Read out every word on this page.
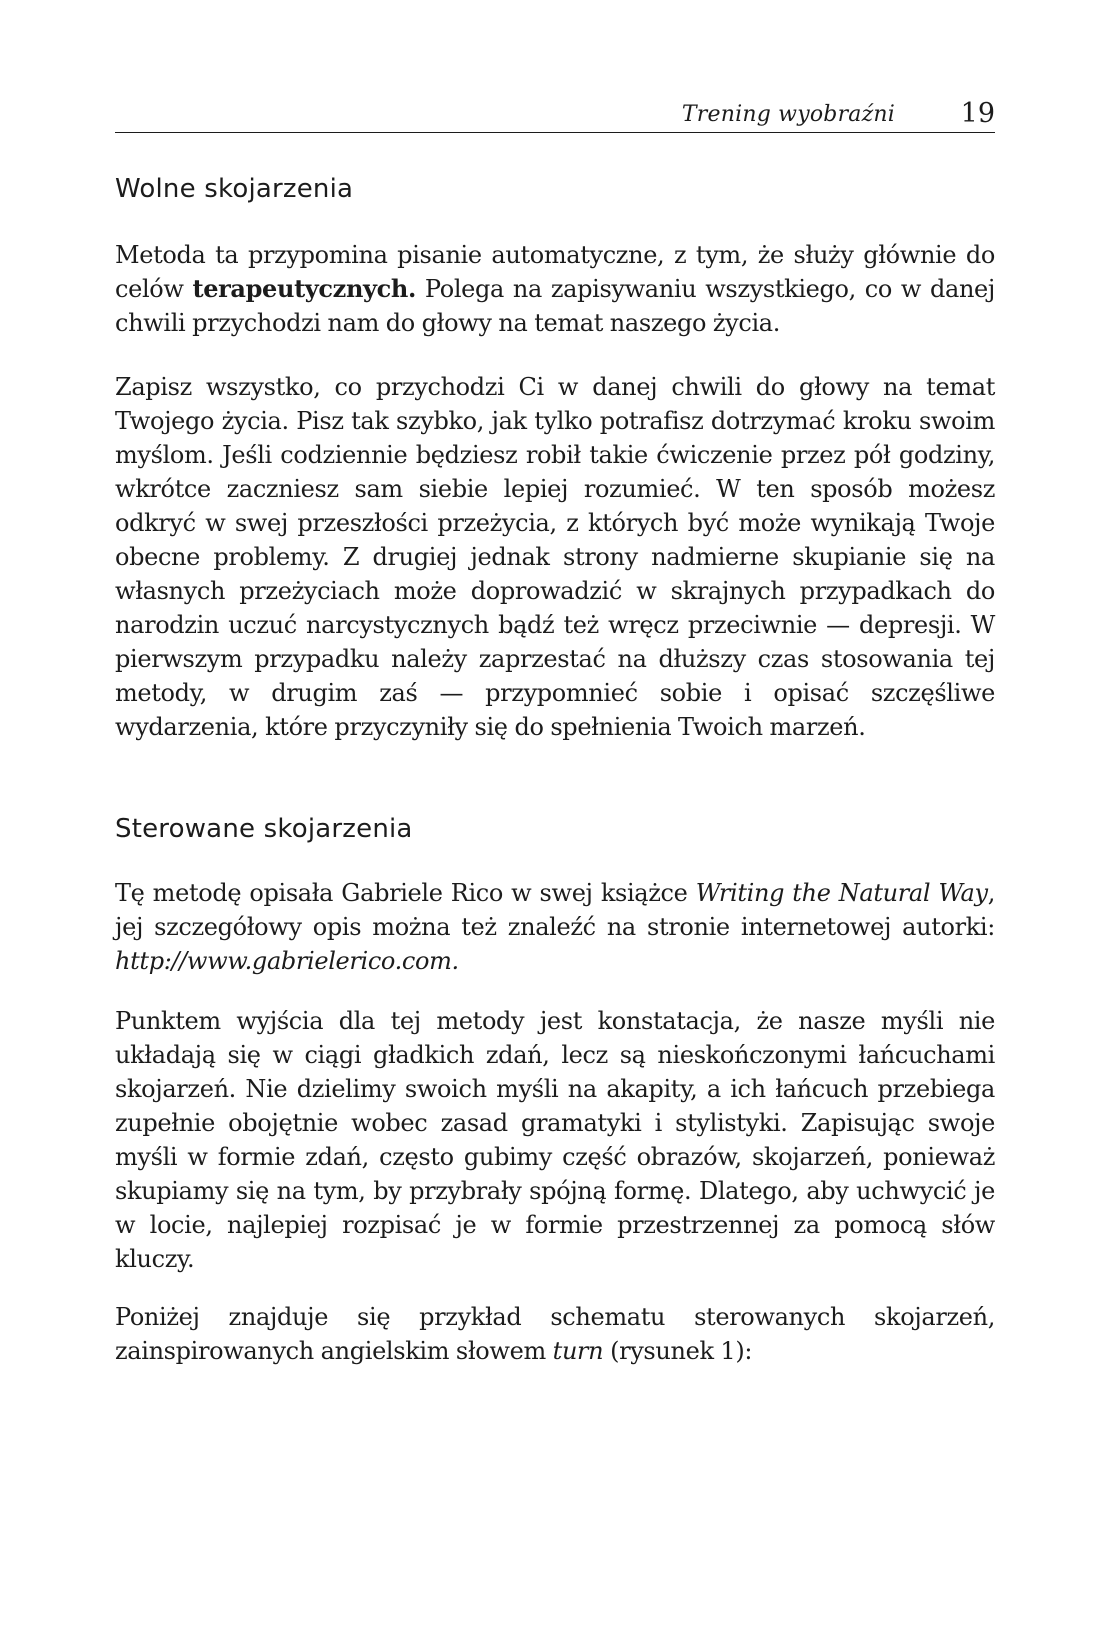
Trening wyobraźni 19
Wolne skojarzenia

Metoda ta przypomina pisanie automatyczne, z tym, że służy głównie do celów terapeutycznych. Polega na zapisywaniu wszystkiego, co w danej chwili przychodzi nam do głowy na temat naszego życia.

Zapisz wszystko, co przychodzi Ci w danej chwili do głowy na temat Twojego życia. Pisz tak szybko, jak tylko potrafisz dotrzymać kroku swoim myślom. Jeśli codziennie będziesz robił takie ćwiczenie przez pół godziny, wkrótce zaczniesz sam siebie lepiej rozumieć. W ten sposób możesz odkryć w swej przeszłości przeżycia, z których być może wynikają Twoje obecne problemy. Z drugiej jednak strony nadmierne skupianie się na własnych przeżyciach może doprowadzić w skrajnych przypadkach do narodzin uczuć narcystycznych bądź też wręcz przeciwnie — depresji. W pierwszym przypadku należy zaprzestać na dłuższy czas stosowania tej metody, w drugim zaś — przypomnieć sobie i opisać szczęśliwe wydarzenia, które przyczyniły się do spełnienia Twoich marzeń.

Sterowane skojarzenia

Tę metodę opisała Gabriele Rico w swej książce Writing the Natural Way, jej szczegółowy opis można też znaleźć na stronie internetowej autorki: http://www.gabrielerico.com.

Punktem wyjścia dla tej metody jest konstatacja, że nasze myśli nie układają się w ciągi gładkich zdań, lecz są nieskończonymi łańcuchami skojarzeń. Nie dzielimy swoich myśli na akapity, a ich łańcuch przebiega zupełnie obojętnie wobec zasad gramatyki i stylistyki. Zapisując swoje myśli w formie zdań, często gubimy część obrazów, skojarzeń, ponieważ skupiamy się na tym, by przybrały spójną formę. Dlatego, aby uchwycić je w locie, najlepiej rozpisać je w formie przestrzennej za pomocą słów kluczy.

Poniżej znajduje się przykład schematu sterowanych skojarzeń, zainspirowanych angielskim słowem turn (rysunek 1):
